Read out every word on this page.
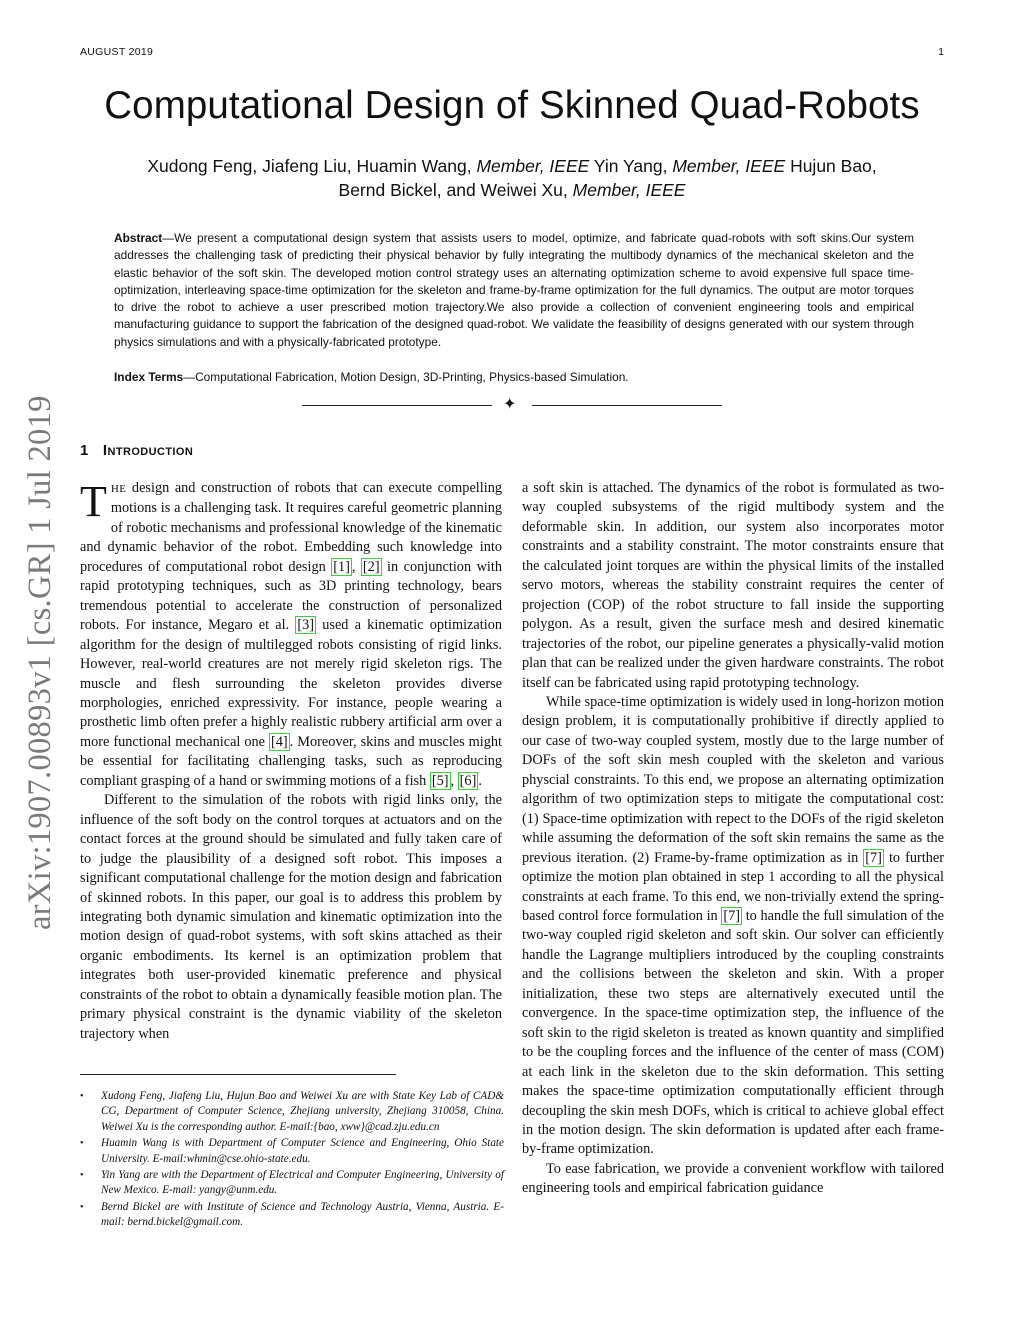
AUGUST 2019	1
Computational Design of Skinned Quad-Robots
Xudong Feng, Jiafeng Liu, Huamin Wang, Member, IEEE Yin Yang, Member, IEEE Hujun Bao,
Bernd Bickel, and Weiwei Xu, Member, IEEE
Abstract—We present a computational design system that assists users to model, optimize, and fabricate quad-robots with soft skins.Our system addresses the challenging task of predicting their physical behavior by fully integrating the multibody dynamics of the mechanical skeleton and the elastic behavior of the soft skin. The developed motion control strategy uses an alternating optimization scheme to avoid expensive full space time-optimization, interleaving space-time optimization for the skeleton and frame-by-frame optimization for the full dynamics. The output are motor torques to drive the robot to achieve a user prescribed motion trajectory.We also provide a collection of convenient engineering tools and empirical manufacturing guidance to support the fabrication of the designed quad-robot. We validate the feasibility of designs generated with our system through physics simulations and with a physically-fabricated prototype.
Index Terms—Computational Fabrication, Motion Design, 3D-Printing, Physics-based Simulation.
✦
arXiv:1907.00893v1 [cs.GR] 1 Jul 2019 1 INTRODUCTION

THE design and construction of robots that can execute compelling motions is a challenging task. It requires careful geometric planning of robotic mechanisms and professional knowledge of the kinematic and dynamic behavior of the robot. Embedding such knowledge into procedures of computational robot design [1] , [2] in conjunction with rapid prototyping techniques, such as 3D printing technology, bears tremendous potential to accelerate the construction of personalized robots. For instance, Megaro et al. [3] used a kinematic optimization algorithm for the design of multilegged robots consisting of rigid links. However, real-world creatures are not merely rigid skeleton rigs. The muscle and flesh surrounding the skeleton provides diverse morphologies, enriched expressivity. For instance, people wearing a prosthetic limb often prefer a highly realistic rubbery artificial arm over a more functional mechanical one [4] . Moreover, skins and muscles might be essential for facilitating challenging tasks, such as reproducing compliant grasping of a hand or swimming motions of a fish [5] , [6] .

Different to the simulation of the robots with rigid links only, the influence of the soft body on the control torques at actuators and on the contact forces at the ground should be simulated and fully taken care of to judge the plausibility of a designed soft robot. This imposes a significant computational challenge for the motion design and fabrication of skinned robots. In this paper, our goal is to address this problem by integrating both dynamic simulation and kinematic optimization into the motion design of quad-robot systems, with soft skins attached as their organic embodiments. Its kernel is an optimization problem that integrates both user-provided kinematic preference and physical constraints of the robot to obtain a dynamically feasible motion plan. The primary physical constraint is the dynamic viability of the skeleton trajectory when

a soft skin is attached. The dynamics of the robot is formulated as two-way coupled subsystems of the rigid multibody system and the deformable skin. In addition, our system also incorporates motor constraints and a stability constraint. The motor constraints ensure that the calculated joint torques are within the physical limits of the installed servo motors, whereas the stability constraint requires the center of projection (COP) of the robot structure to fall inside the supporting polygon. As a result, given the surface mesh and desired kinematic trajectories of the robot, our pipeline generates a physically-valid motion plan that can be realized under the given hardware constraints. The robot itself can be fabricated using rapid prototyping technology.

While space-time optimization is widely used in long-horizon motion design problem, it is computationally prohibitive if directly applied to our case of two-way coupled system, mostly due to the large number of DOFs of the soft skin mesh coupled with the skeleton and various physcial constraints. To this end, we propose an alternating optimization algorithm of two optimization steps to mitigate the computational cost: (1) Space-time optimization with repect to the DOFs of the rigid skeleton while assuming the deformation of the soft skin remains the same as the previous iteration. (2) Frame-by-frame optimization as in [7] to further optimize the motion plan obtained in step 1 according to all the physical constraints at each frame. To this end, we non-trivially extend the spring-based control force formulation in [7] to handle the full simulation of the two-way coupled rigid skeleton and soft skin. Our solver can efficiently handle the Lagrange multipliers introduced by the coupling constraints and the collisions between the skeleton and skin. With a proper initialization, these two steps are alternatively executed until the convergence. In the space-time optimization step, the influence of the soft skin to the rigid skeleton is treated as known quantity and simplified to be the coupling forces and the influence of the center of mass (COM) at each link in the skeleton due to the skin deformation. This setting makes the space-time optimization computationally efficient through decoupling the skin mesh DOFs, which is critical to achieve global effect in the motion design. The skin deformation is updated after each frame-by-frame optimization.

To ease fabrication, we provide a convenient workflow with tailored engineering tools and empirical fabrication guidance

• Xudong Feng, Jiafeng Liu, Hujun Bao and Weiwei Xu are with State Key Lab of CAD& CG, Department of Computer Science, Zhejiang university, Zhejiang 310058, China. Weiwei Xu is the corresponding author. E-mail:{bao, xww}@cad.zju.edu.cn
• Huamin Wang is with Department of Computer Science and Engineering, Ohio State University. E-mail:whmin@cse.ohio-state.edu.
• Yin Yang are with the Department of Electrical and Computer Engineering, University of New Mexico. E-mail: yangy@unm.edu.
• Bernd Bickel are with Institute of Science and Technology Austria, Vienna, Austria. E-mail: bernd.bickel@gmail.com.
